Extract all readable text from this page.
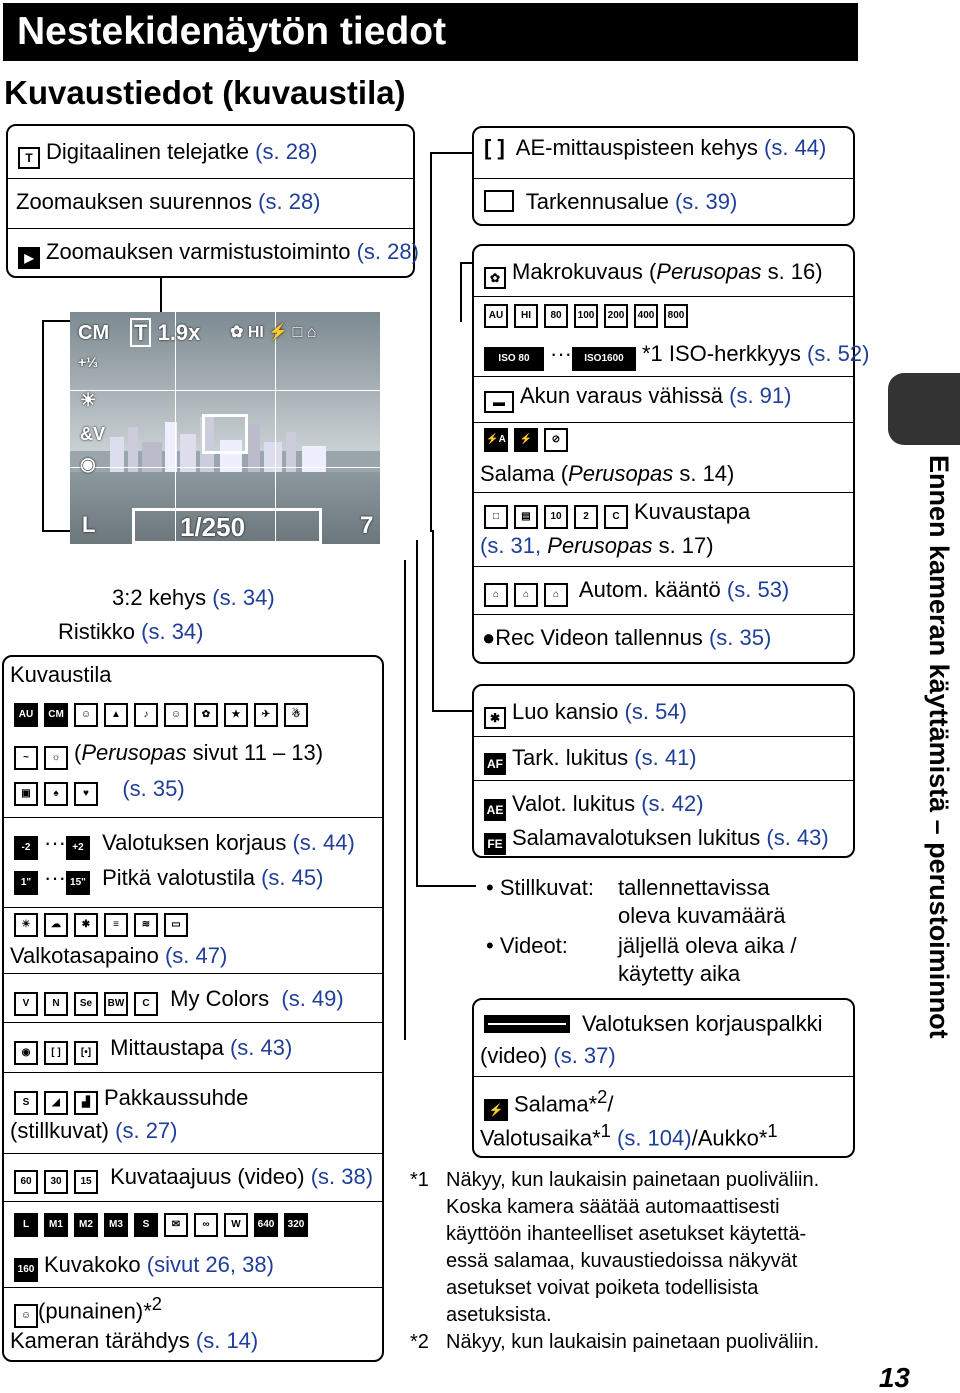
Nestekidenäytön tiedot
Kuvaustiedot (kuvaustila)
T Digitaalinen telejatke (s. 28)
Zoomauksen suurennos (s. 28)
▶ Zoomauksen varmistustoiminto (s. 28)
CM T 1.9x ✿ HI ⚡ □ ⌂
+⅓
☀
&V
◉
L	1/250	7
3:2 kehys (s. 34)
Ristikko (s. 34)
Kuvaustila
AU CM ☺ ▲ ♪ ☺ ✿ ★ ✈ ☃
~ ☼ (Perusopas sivut 11 – 13)
▣ ♠ ♥ (s. 35)
-2 ··· +2 Valotuksen korjaus (s. 44)
1" ··· 15" Pitkä valotustila (s. 45)
☀ ☁ ✱ ≡ ≋ ▭
Valkotasapaino (s. 47)
V N Se BW C My Colors (s. 49)
◉ [ ] [•] Mittaustapa (s. 43)
S ◢ ▟ Pakkaussuhde
(stillkuvat) (s. 27)
60 30 15 Kuvataajuus (video) (s. 38)
L M1 M2 M3 S ✉ ∞ W 640 320
160 Kuvakoko (sivut 26, 38)
☺ (punainen)*$^2$
Kameran tärähdys (s. 14)
[ ] AE-mittauspisteen kehys (s. 44)
Tarkennusalue (s. 39)
✿ Makrokuvaus (Perusopas s. 16)
AU HI 80 100 200 400 800
ISO 80 ··· ISO1600 *1 ISO-herkkyys (s. 52)
▬ Akun varaus vähissä (s. 91)
⚡A ⚡ ⊘
Salama (Perusopas s. 14)
□ ▤ 10 2 C Kuvaustapa
(s. 31, Perusopas s. 17)
⌂ ⌂ ⌂ Autom. kääntö (s. 53)
●Rec Videon tallennus (s. 35)
✱ Luo kansio (s. 54)
AF Tark. lukitus (s. 41)
AE Valot. lukitus (s. 42)
FE Salamavalotuksen lukitus (s. 43)
• Stillkuvat: tallennettavissa
oleva kuvamäärä
• Videot: jäljellä oleva aika /
käytetty aika
Valotuksen korjauspalkki
(video) (s. 37)
⚡ Salama*$^2$/
Valotusaika*$^1$ (s. 104)/Aukko*$^1$
*1 Näkyy, kun laukaisin painetaan puoliväliin.
Koska kamera säätää automaattisesti
käyttöön ihanteelliset asetukset käytettä-
essä salamaa, kuvaustiedoissa näkyvät
asetukset voivat poiketa todellisista
asetuksista.
*2 Näkyy, kun laukaisin painetaan puoliväliin.
Ennen kameran käyttämistä – perustoiminnot
13
